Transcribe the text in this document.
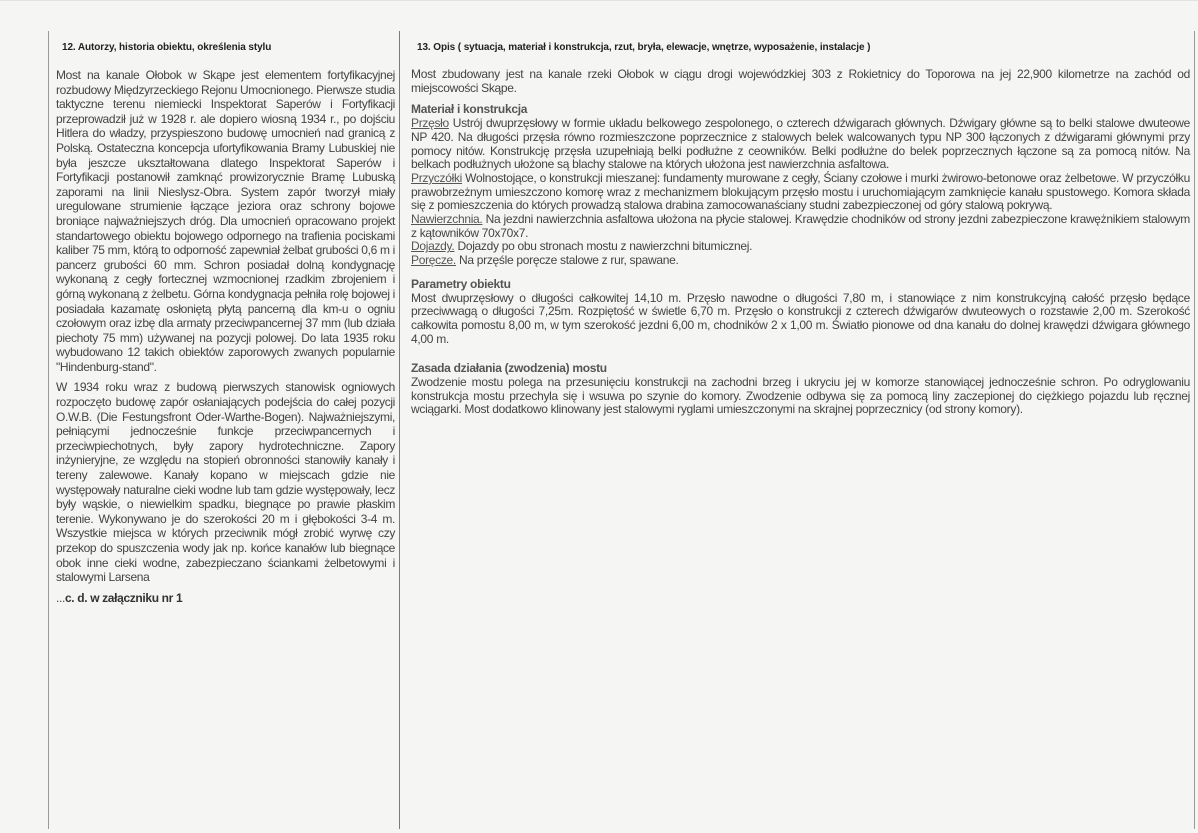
12. Autorzy, historia obiektu, określenia stylu

Most na kanale Ołobok w Skąpe jest elementem fortyfikacyjnej rozbudowy Międzyrzeckiego Rejonu Umocnionego. Pierwsze studia taktyczne terenu niemiecki Inspektorat Saperów i Fortyfikacji przeprowadził już w 1928 r. ale dopiero wiosną 1934 r., po dojściu Hitlera do władzy, przyspieszono budowę umocnień nad granicą z Polską. Ostateczna koncepcja ufortyfikowania Bramy Lubuskiej nie była jeszcze ukształtowana dlatego Inspektorat Saperów i Fortyfikacji postanowił zamknąć prowizorycznie Bramę Lubuską zaporami na linii Nieslysz-Obra. System zapór tworzył miały uregulowane strumienie łączące jeziora oraz schrony bojowe broniące najważniejszych dróg. Dla umocnień opracowano projekt standartowego obiektu bojowego odpornego na trafienia pociskami kaliber 75 mm, którą to odporność zapewniał żelbat grubości 0,6 m i pancerz grubości 60 mm. Schron posiadał dolną kondygnację wykonaną z cegły fortecznej wzmocnionej rzadkim zbrojeniem i górną wykonaną z żelbetu. Górna kondygnacja pełniła rolę bojowej i posiadała kazamatę osłoniętą płytą pancerną dla km-u o ogniu czołowym oraz izbę dla armaty przeciwpancernej 37 mm (lub działa piechoty 75 mm) używanej na pozycji polowej. Do lata 1935 roku wybudowano 12 takich obiektów zaporowych zwanych popularnie "Hindenburg-stand".

W 1934 roku wraz z budową pierwszych stanowisk ogniowych rozpoczęto budowę zapór osłaniających podejścia do całej pozycji O.W.B. (Die Festungsfront Oder-Warthe-Bogen). Najważniejszymi, pełniącymi jednocześnie funkcje przeciwpancernych i przeciwpiechotnych, były zapory hydrotechniczne. Zapory inżynieryjne, ze względu na stopień obronności stanowiły kanały i tereny zalewowe. Kanały kopano w miejscach gdzie nie występowały naturalne cieki wodne lub tam gdzie występowały, lecz były wąskie, o niewielkim spadku, biegnące po prawie płaskim terenie. Wykonywano je do szerokości 20 m i głębokości 3-4 m. Wszystkie miejsca w których przeciwnik mógł zrobić wyrwę czy przekop do spuszczenia wody jak np. końce kanałów lub biegnące obok inne cieki wodne, zabezpieczano ściankami żelbetowymi i stalowymi Larsena

...c. d. w załączniku nr 1
13. Opis ( sytuacja, materiał i konstrukcja, rzut, bryła, elewacje, wnętrze, wyposażenie, instalacje )
Most zbudowany jest na kanale rzeki Ołobok w ciągu drogi wojewódzkiej 303 z Rokietnicy do Toporowa na jej 22,900 kilometrze na zachód od miejscowości Skąpe.
Materiał i konstrukcja
Przęsło Ustrój dwuprzęsłowy w formie układu belkowego zespolonego, o czterech dźwigarach głównych. Dźwigary główne są to belki stalowe dwuteowe NP 420. Na długości przęsła równo rozmieszczone poprzecznice z stalowych belek walcowanych typu NP 300 łączonych z dźwigarami głównymi przy pomocy nitów. Konstrukcję przęsła uzupełniają belki podłużne z ceowników. Belki podłużne do belek poprzecznych łączone są za pomocą nitów. Na belkach podłużnych ułożone są blachy stalowe na których ułożona jest nawierzchnia asfaltowa.
Przyczółki Wolnostojące, o konstrukcji mieszanej: fundamenty murowane z cegły, Ściany czołowe i murki żwirowo-betonowe oraz żelbetowe. W przyczółku prawobrzeżnym umieszczono komorę wraz z mechanizmem blokującym przęsło mostu i uruchomiającym zamknięcie kanału spustowego. Komora składa się z pomieszczenia do których prowadzą stalowa drabina zamocowanaściany studni zabezpieczonej od góry stalową pokrywą.
Nawierzchnia. Na jezdni nawierzchnia asfaltowa ułożona na płycie stalowej. Krawędzie chodników od strony jezdni zabezpieczone krawężnikiem stalowym z kątowników 70x70x7.
Dojazdy. Dojazdy po obu stronach mostu z nawierzchni bitumicznej.
Poręcze. Na przęśle poręcze stalowe z rur, spawane.
Parametry obiektu
Most dwuprzęsłowy o długości całkowitej 14,10 m. Przęsło nawodne o długości 7,80 m, i stanowiące z nim konstrukcyjną całość przęsło będące przeciwwagą o długości 7,25m. Rozpiętość w świetle 6,70 m. Przęsło o konstrukcji z czterech dźwigarów dwuteowych o rozstawie 2,00 m. Szerokość całkowita pomostu 8,00 m, w tym szerokość jezdni 6,00 m, chodników 2 x 1,00 m. Światło pionowe od dna kanału do dolnej krawędzi dźwigara głównego 4,00 m.
Zasada działania (zwodzenia) mostu
Zwodzenie mostu polega na przesunięciu konstrukcji na zachodni brzeg i ukryciu jej w komorze stanowiącej jednocześnie schron. Po odryglowaniu konstrukcja mostu przechyla się i wsuwa po szynie do komory. Zwodzenie odbywa się za pomocą liny zaczepionej do ciężkiego pojazdu lub ręcznej wciągarki. Most dodatkowo klinowany jest stalowymi ryglami umieszczonymi na skrajnej poprzecznicy (od strony komory).
